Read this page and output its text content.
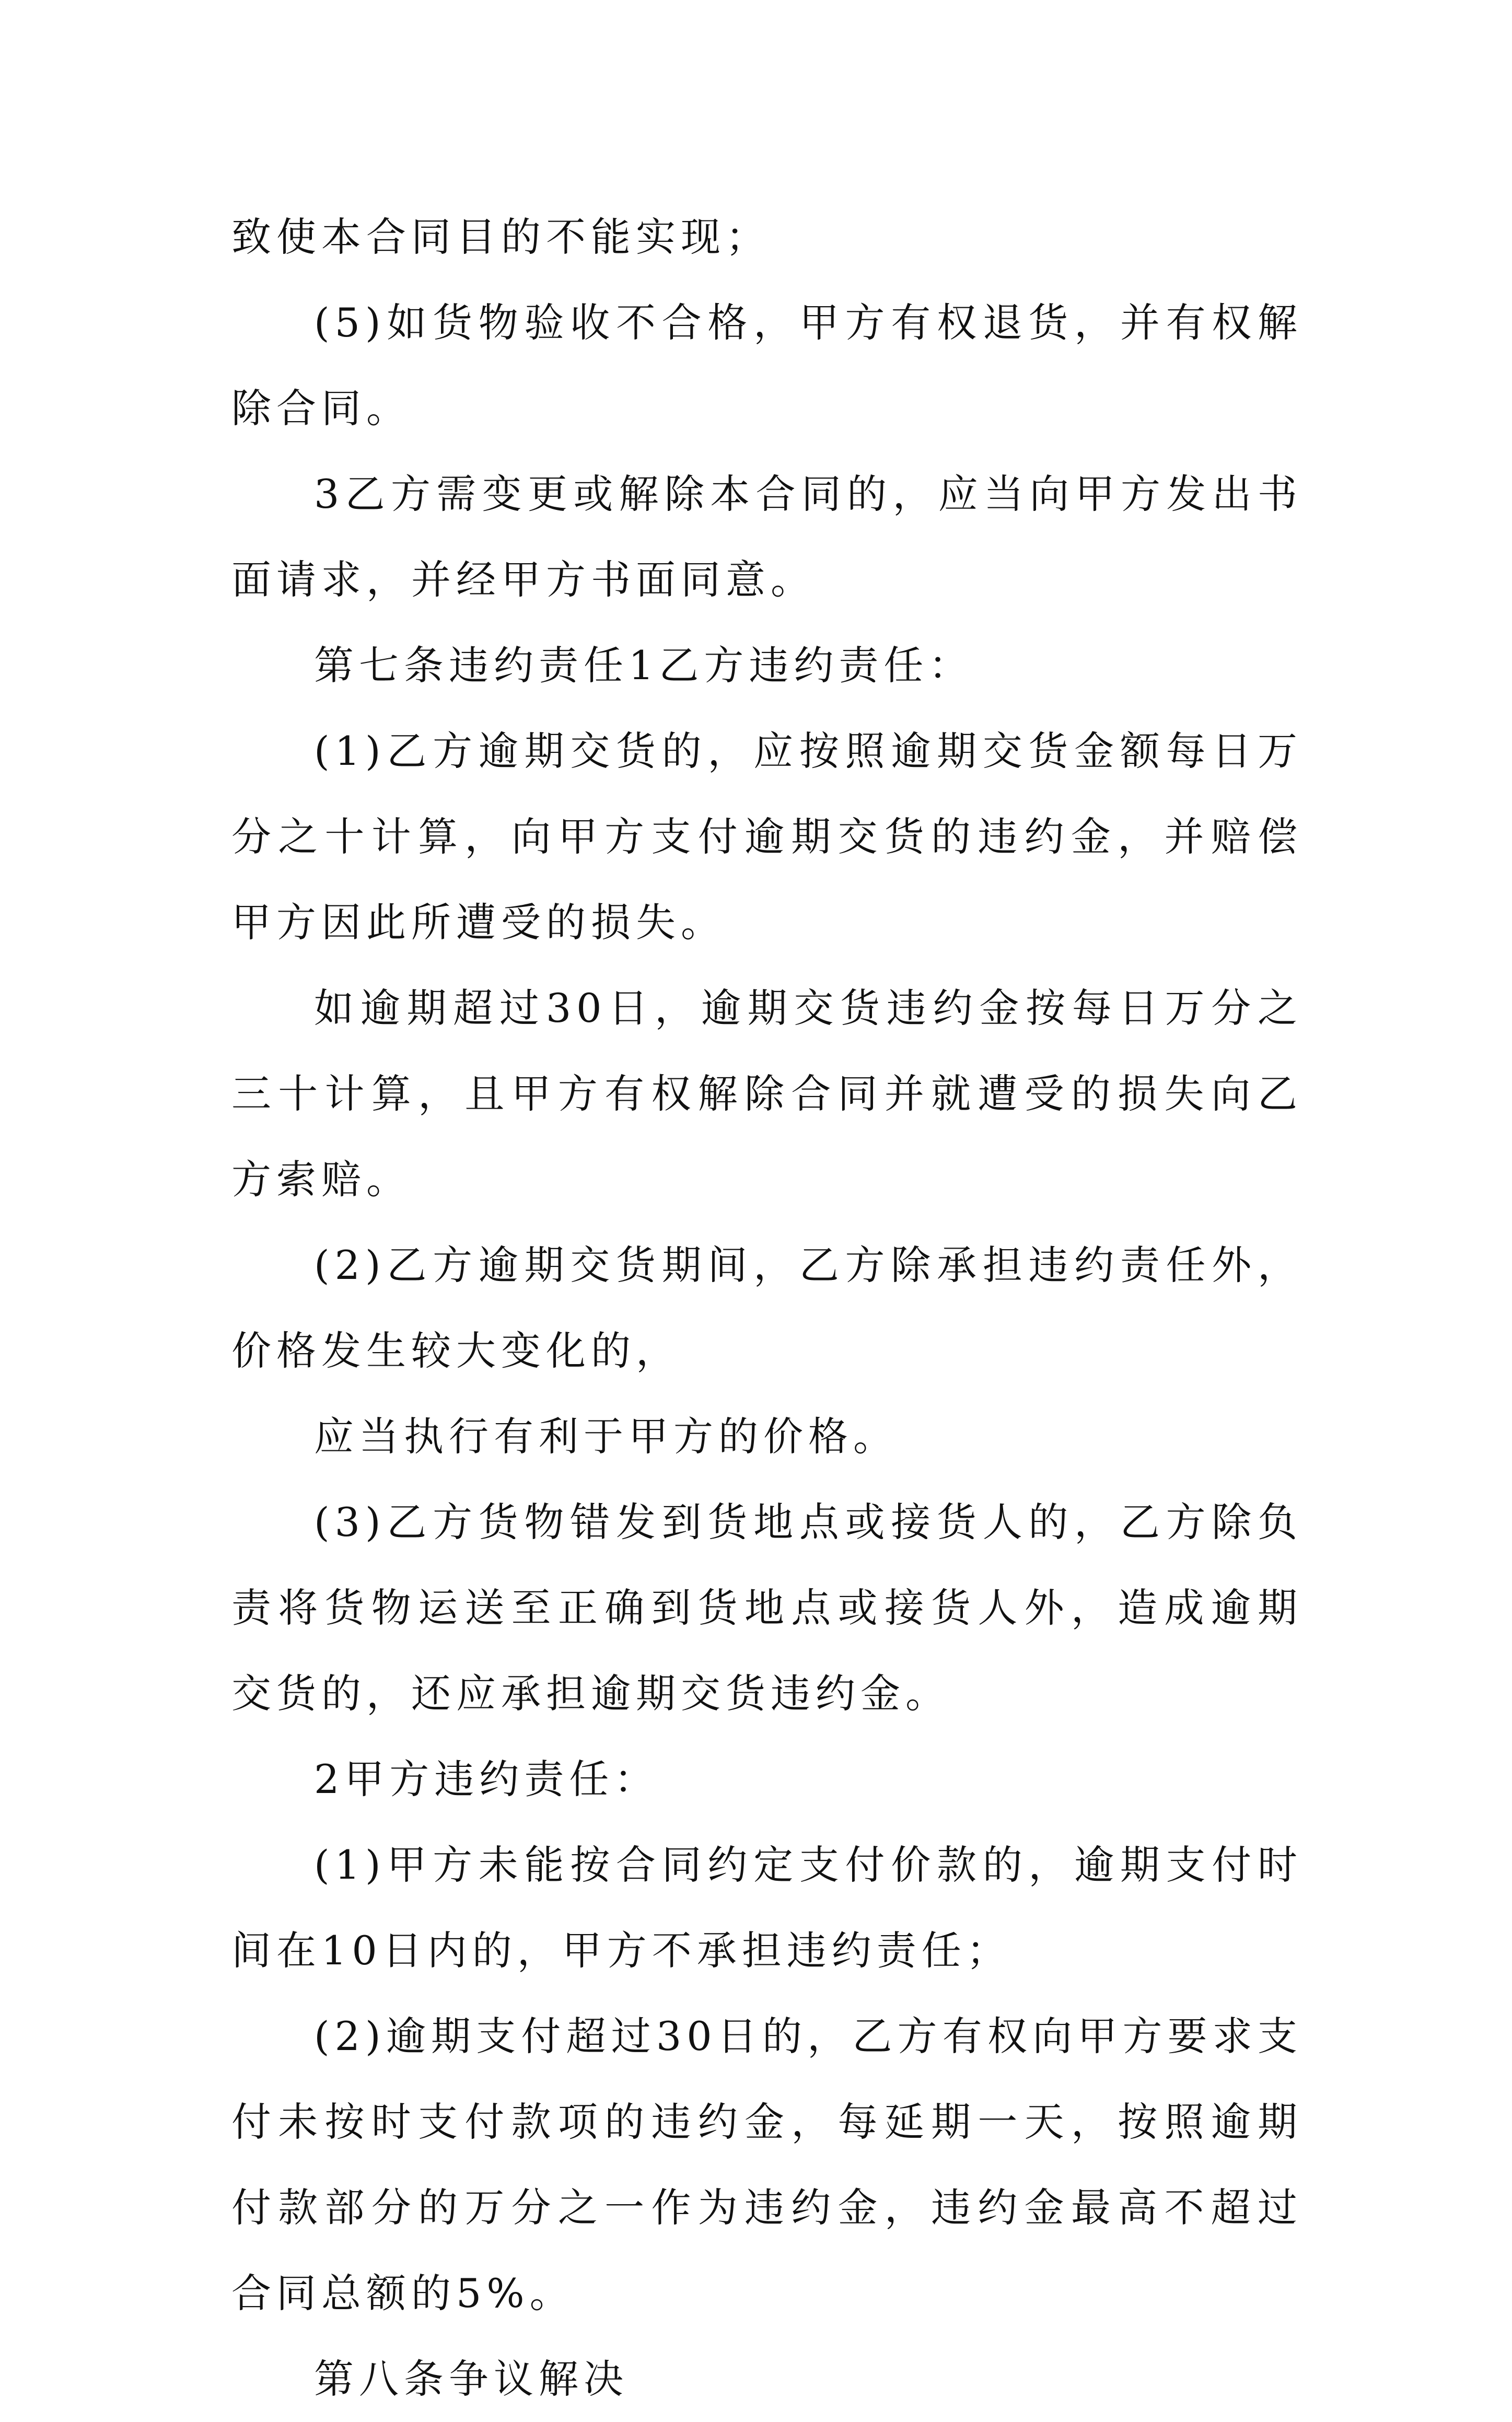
致使本合同目的不能实现；

(5)如货物验收不合格，甲方有权退货，并有权解除合同。

3乙方需变更或解除本合同的，应当向甲方发出书面请求，并经甲方书面同意。

第七条违约责任1乙方违约责任：

(1)乙方逾期交货的，应按照逾期交货金额每日万分之十计算，向甲方支付逾期交货的违约金，并赔偿甲方因此所遭受的损失。

如逾期超过30日，逾期交货违约金按每日万分之三十计算，且甲方有权解除合同并就遭受的损失向乙方索赔。

(2)乙方逾期交货期间，乙方除承担违约责任外，价格发生较大变化的，

应当执行有利于甲方的价格。

(3)乙方货物错发到货地点或接货人的，乙方除负责将货物运送至正确到货地点或接货人外，造成逾期交货的，还应承担逾期交货违约金。

2甲方违约责任：

(1)甲方未能按合同约定支付价款的，逾期支付时间在10日内的，甲方不承担违约责任；

(2)逾期支付超过30日的，乙方有权向甲方要求支付未按时支付款项的违约金，每延期一天，按照逾期付款部分的万分之一作为违约金，违约金最高不超过合同总额的5%。

第八条争议解决
